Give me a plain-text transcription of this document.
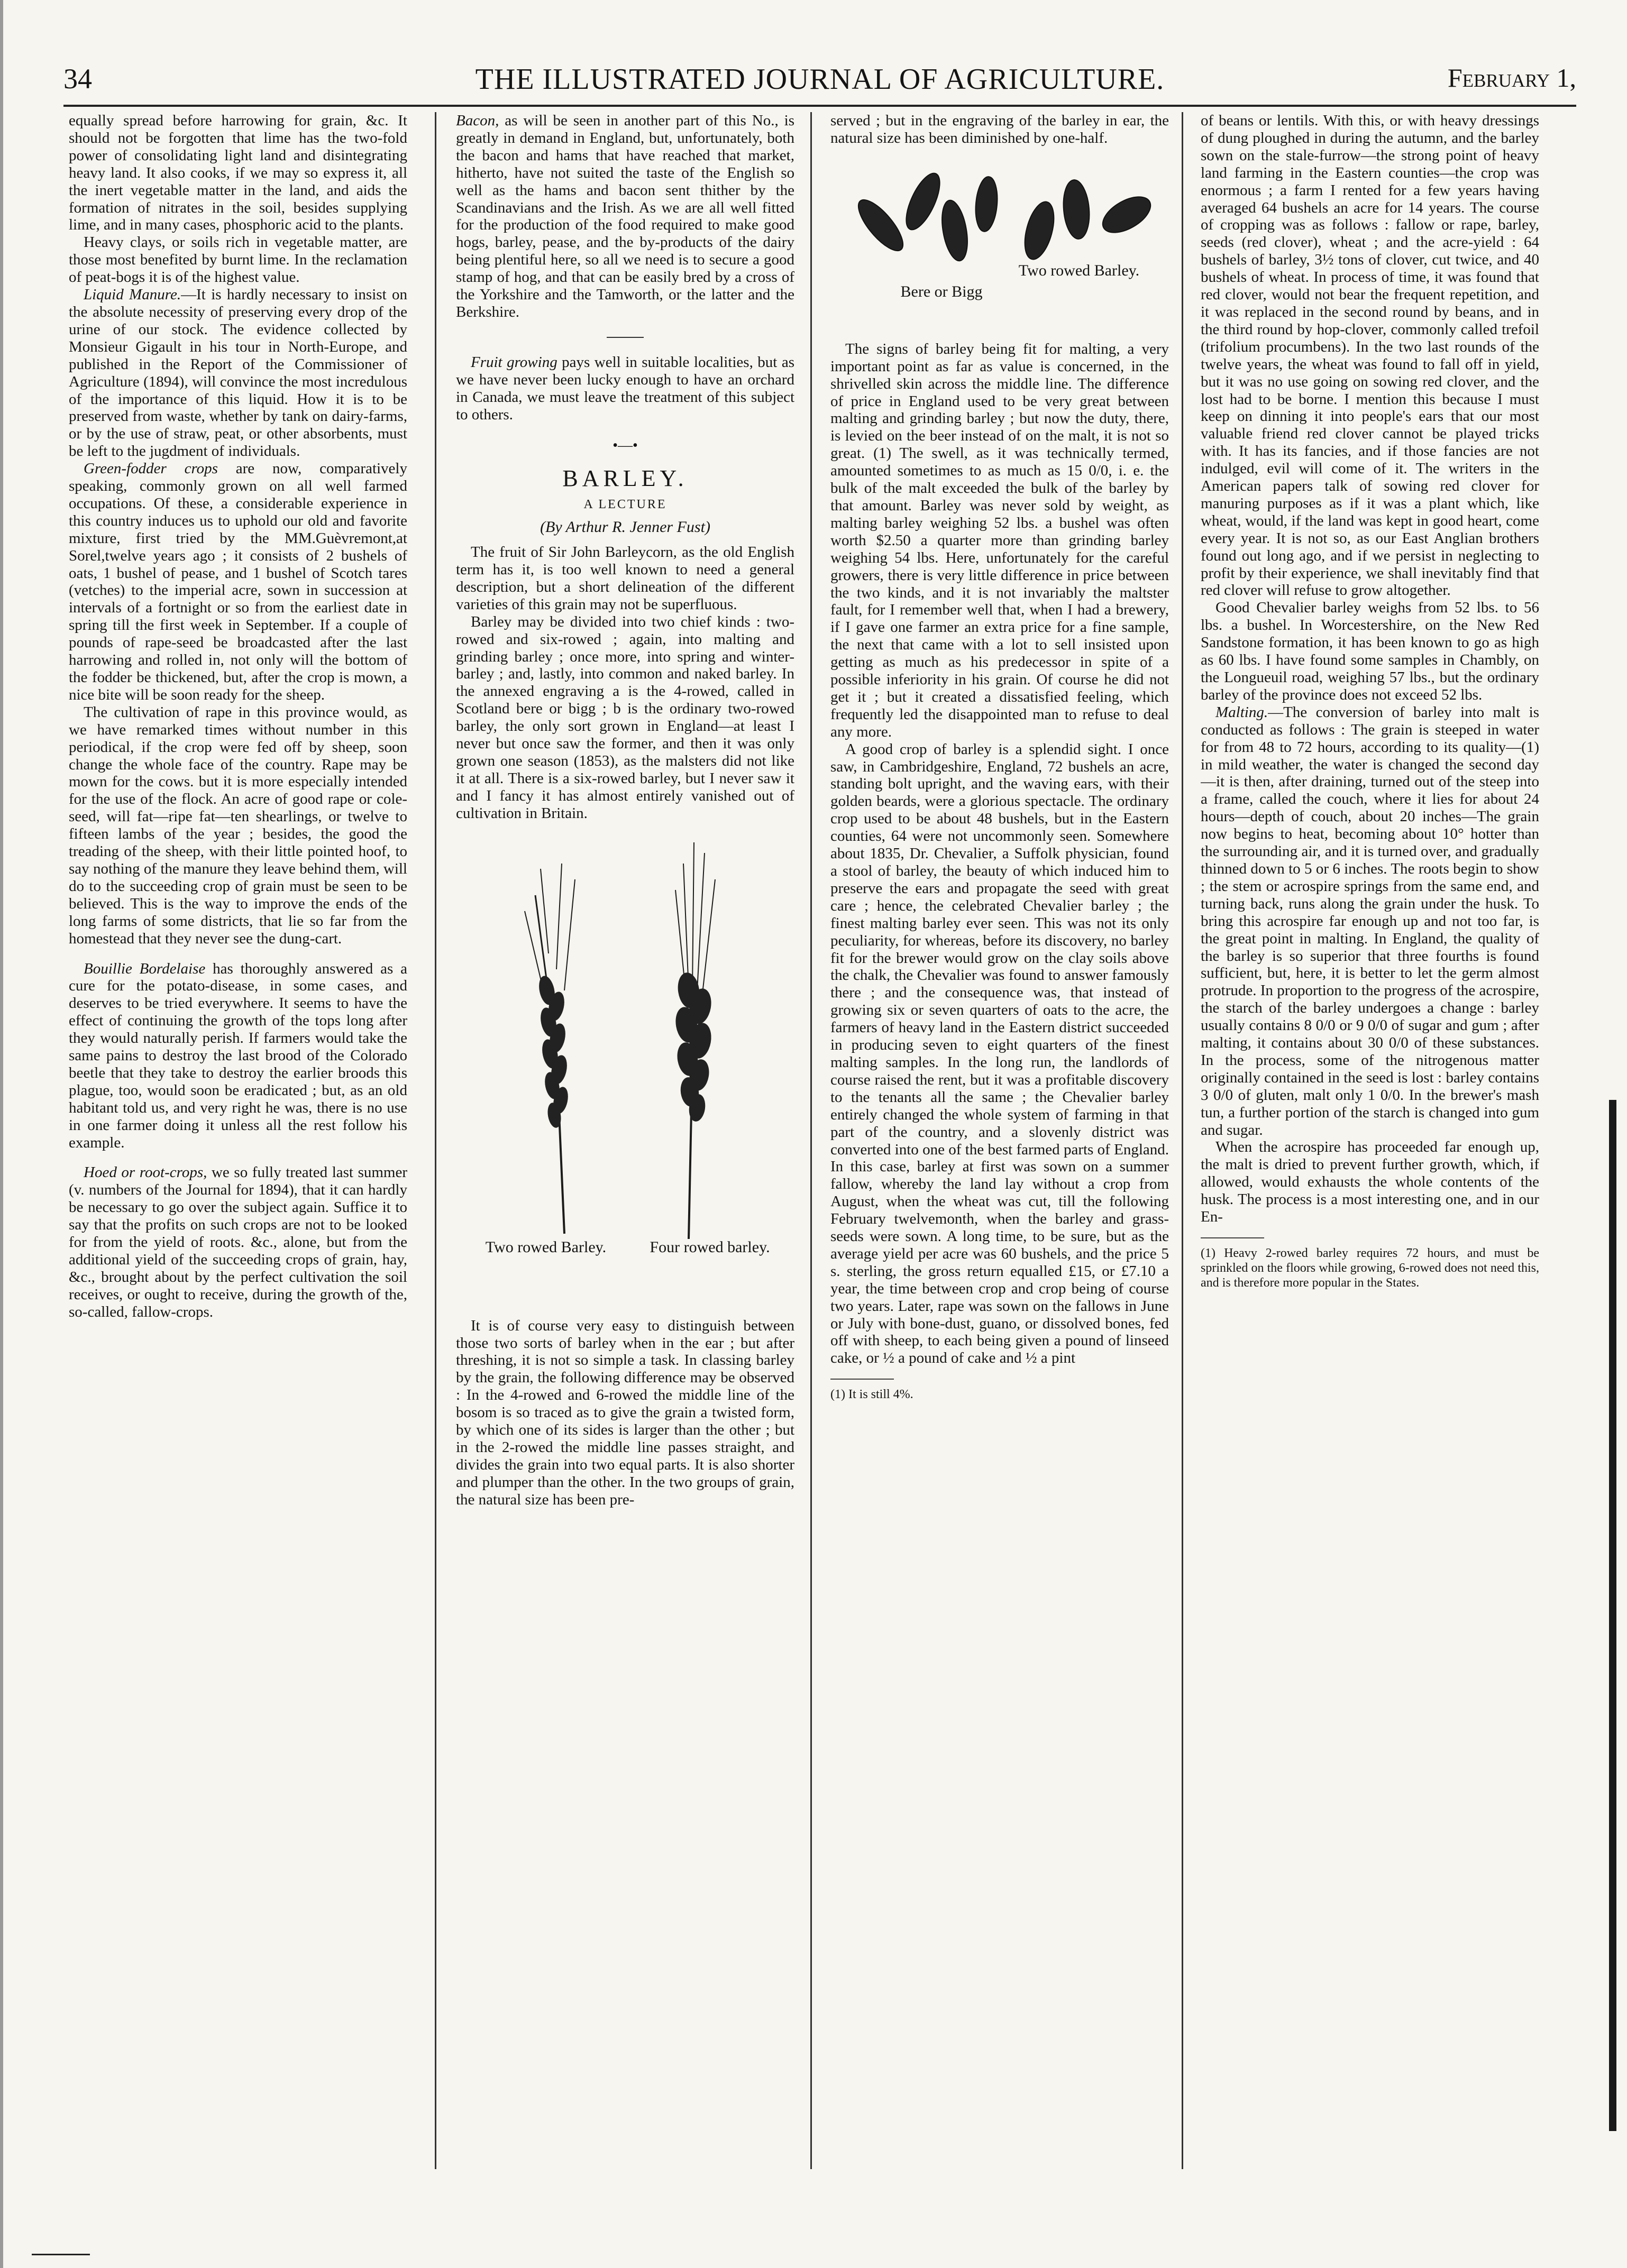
34	THE ILLUSTRATED JOURNAL OF AGRICULTURE.	February 1,

equally spread before harrowing for grain, &c. It should not be forgotten that lime has the two-fold power of consolidating light land and disintegrating heavy land. It also cooks, if we may so express it, all the inert vegetable matter in the land, and aids the formation of nitrates in the soil, besides supplying lime, and in many cases, phosphoric acid to the plants.

Heavy clays, or soils rich in vegetable matter, are those most benefited by burnt lime. In the reclamation of peat-bogs it is of the highest value.

Liquid Manure.—It is hardly necessary to insist on the absolute necessity of preserving every drop of the urine of our stock. The evidence collected by Monsieur Gigault in his tour in North-Europe, and published in the Report of the Commissioner of Agriculture (1894), will convince the most incredulous of the importance of this liquid. How it is to be preserved from waste, whether by tank on dairy-farms, or by the use of straw, peat, or other absorbents, must be left to the jugdment of individuals.

Green-fodder crops are now, comparatively speaking, commonly grown on all well farmed occupations. Of these, a considerable experience in this country induces us to uphold our old and favorite mixture, first tried by the MM.Guèvremont,at Sorel,twelve years ago ; it consists of 2 bushels of oats, 1 bushel of pease, and 1 bushel of Scotch tares (vetches) to the imperial acre, sown in succession at intervals of a fortnight or so from the earliest date in spring till the first week in September. If a couple of pounds of rape-seed be broadcasted after the last harrowing and rolled in, not only will the bottom of the fodder be thickened, but, after the crop is mown, a nice bite will be soon ready for the sheep.

The cultivation of rape in this province would, as we have remarked times without number in this periodical, if the crop were fed off by sheep, soon change the whole face of the country. Rape may be mown for the cows. but it is more especially intended for the use of the flock. An acre of good rape or cole-seed, will fat—ripe fat—ten shearlings, or twelve to fifteen lambs of the year ; besides, the good the treading of the sheep, with their little pointed hoof, to say nothing of the manure they leave behind them, will do to the succeeding crop of grain must be seen to be believed. This is the way to improve the ends of the long farms of some districts, that lie so far from the homestead that they never see the dung-cart.

Bouillie Bordelaise has thoroughly answered as a cure for the potato-disease, in some cases, and deserves to be tried everywhere. It seems to have the effect of continuing the growth of the tops long after they would naturally perish. If farmers would take the same pains to destroy the last brood of the Colorado beetle that they take to destroy the earlier broods this plague, too, would soon be eradicated ; but, as an old habitant told us, and very right he was, there is no use in one farmer doing it unless all the rest follow his example.

Hoed or root-crops, we so fully treated last summer (v. numbers of the Journal for 1894), that it can hardly be necessary to go over the subject again. Suffice it to say that the profits on such crops are not to be looked for from the yield of roots. &c., alone, but from the additional yield of the succeeding crops of grain, hay, &c., brought about by the perfect cultivation the soil receives, or ought to receive, during the growth of the, so-called, fallow-crops.

Bacon, as will be seen in another part of this No., is greatly in demand in England, but, unfortunately, both the bacon and hams that have reached that market, hitherto, have not suited the taste of the English so well as the hams and bacon sent thither by the Scandinavians and the Irish. As we are all well fitted for the production of the food required to make good hogs, barley, pease, and the by-products of the dairy being plentiful here, so all we need is to secure a good stamp of hog, and that can be easily bred by a cross of the Yorkshire and the Tamworth, or the latter and the Berkshire.

Fruit growing pays well in suitable localities, but as we have never been lucky enough to have an orchard in Canada, we must leave the treatment of this subject to others.

•—•
BARLEY.
A LECTURE
(By Arthur R. Jenner Fust)

The fruit of Sir John Barleycorn, as the old English term has it, is too well known to need a general description, but a short delineation of the different varieties of this grain may not be superfluous.

Barley may be divided into two chief kinds : two-rowed and six-rowed ; again, into malting and grinding barley ; once more, into spring and winter-barley ; and, lastly, into common and naked barley. In the annexed engraving a is the 4-rowed, called in Scotland bere or bigg ; b is the ordinary two-rowed barley, the only sort grown in England—at least I never but once saw the former, and then it was only grown one season (1853), as the malsters did not like it at all. There is a six-rowed barley, but I never saw it and I fancy it has almost entirely vanished out of cultivation in Britain.

Two rowed Barley.	Four rowed barley.

It is of course very easy to distinguish between those two sorts of barley when in the ear ; but after threshing, it is not so simple a task. In classing barley by the grain, the following difference may be observed : In the 4-rowed and 6-rowed the middle line of the bosom is so traced as to give the grain a twisted form, by which one of its sides is larger than the other ; but in the 2-rowed the middle line passes straight, and divides the grain into two equal parts. It is also shorter and plumper than the other. In the two groups of grain, the natural size has been pre-

served ; but in the engraving of the barley in ear, the natural size has been diminished by one-half.

Bere or Bigg
Two rowed Barley.

The signs of barley being fit for malting, a very important point as far as value is concerned, in the shrivelled skin across the middle line. The difference of price in England used to be very great between malting and grinding barley ; but now the duty, there, is levied on the beer instead of on the malt, it is not so great. (1) The swell, as it was technically termed, amounted sometimes to as much as 15 0/0, i. e. the bulk of the malt exceeded the bulk of the barley by that amount. Barley was never sold by weight, as malting barley weighing 52 lbs. a bushel was often worth $2.50 a quarter more than grinding barley weighing 54 lbs. Here, unfortunately for the careful growers, there is very little difference in price between the two kinds, and it is not invariably the maltster fault, for I remember well that, when I had a brewery, if I gave one farmer an extra price for a fine sample, the next that came with a lot to sell insisted upon getting as much as his predecessor in spite of a possible inferiority in his grain. Of course he did not get it ; but it created a dissatisfied feeling, which frequently led the disappointed man to refuse to deal any more.

A good crop of barley is a splendid sight. I once saw, in Cambridgeshire, England, 72 bushels an acre, standing bolt upright, and the waving ears, with their golden beards, were a glorious spectacle. The ordinary crop used to be about 48 bushels, but in the Eastern counties, 64 were not uncommonly seen. Somewhere about 1835, Dr. Chevalier, a Suffolk physician, found a stool of barley, the beauty of which induced him to preserve the ears and propagate the seed with great care ; hence, the celebrated Chevalier barley ; the finest malting barley ever seen. This was not its only peculiarity, for whereas, before its discovery, no barley fit for the brewer would grow on the clay soils above the chalk, the Chevalier was found to answer famously there ; and the consequence was, that instead of growing six or seven quarters of oats to the acre, the farmers of heavy land in the Eastern district succeeded in producing seven to eight quarters of the finest malting samples. In the long run, the landlords of course raised the rent, but it was a profitable discovery to the tenants all the same ; the Chevalier barley entirely changed the whole system of farming in that part of the country, and a slovenly district was converted into one of the best farmed parts of England. In this case, barley at first was sown on a summer fallow, whereby the land lay without a crop from August, when the wheat was cut, till the following February twelvemonth, when the barley and grass-seeds were sown. A long time, to be sure, but as the average yield per acre was 60 bushels, and the price 5 s. sterling, the gross return equalled £15, or £7.10 a year, the time between crop and crop being of course two years. Later, rape was sown on the fallows in June or July with bone-dust, guano, or dissolved bones, fed off with sheep, to each being given a pound of linseed cake, or ½ a pound of cake and ½ a pint

(1) It is still 4%.

of beans or lentils. With this, or with heavy dressings of dung ploughed in during the autumn, and the barley sown on the stale-furrow—the strong point of heavy land farming in the Eastern counties—the crop was enormous ; a farm I rented for a few years having averaged 64 bushels an acre for 14 years. The course of cropping was as follows : fallow or rape, barley, seeds (red clover), wheat ; and the acre-yield : 64 bushels of barley, 3½ tons of clover, cut twice, and 40 bushels of wheat. In process of time, it was found that red clover, would not bear the frequent repetition, and it was replaced in the second round by beans, and in the third round by hop-clover, commonly called trefoil (trifolium procumbens). In the two last rounds of the twelve years, the wheat was found to fall off in yield, but it was no use going on sowing red clover, and the lost had to be borne. I mention this because I must keep on dinning it into people's ears that our most valuable friend red clover cannot be played tricks with. It has its fancies, and if those fancies are not indulged, evil will come of it. The writers in the American papers talk of sowing red clover for manuring purposes as if it was a plant which, like wheat, would, if the land was kept in good heart, come every year. It is not so, as our East Anglian brothers found out long ago, and if we persist in neglecting to profit by their experience, we shall inevitably find that red clover will refuse to grow altogether.

Good Chevalier barley weighs from 52 lbs. to 56 lbs. a bushel. In Worcestershire, on the New Red Sandstone formation, it has been known to go as high as 60 lbs. I have found some samples in Chambly, on the Longueuil road, weighing 57 lbs., but the ordinary barley of the province does not exceed 52 lbs.

Malting.—The conversion of barley into malt is conducted as follows : The grain is steeped in water for from 48 to 72 hours, according to its quality—(1) in mild weather, the water is changed the second day—it is then, after draining, turned out of the steep into a frame, called the couch, where it lies for about 24 hours—depth of couch, about 20 inches—The grain now begins to heat, becoming about 10° hotter than the surrounding air, and it is turned over, and gradually thinned down to 5 or 6 inches. The roots begin to show ; the stem or acrospire springs from the same end, and turning back, runs along the grain under the husk. To bring this acrospire far enough up and not too far, is the great point in malting. In England, the quality of the barley is so superior that three fourths is found sufficient, but, here, it is better to let the germ almost protrude. In proportion to the progress of the acrospire, the starch of the barley undergoes a change : barley usually contains 8 0/0 or 9 0/0 of sugar and gum ; after malting, it contains about 30 0/0 of these substances. In the process, some of the nitrogenous matter originally contained in the seed is lost : barley contains 3 0/0 of gluten, malt only 1 0/0. In the brewer's mash tun, a further portion of the starch is changed into gum and sugar.

When the acrospire has proceeded far enough up, the malt is dried to prevent further growth, which, if allowed, would exhausts the whole contents of the husk. The process is a most interesting one, and in our En-

(1) Heavy 2-rowed barley requires 72 hours, and must be sprinkled on the floors while growing, 6-rowed does not need this, and is therefore more popular in the States.
